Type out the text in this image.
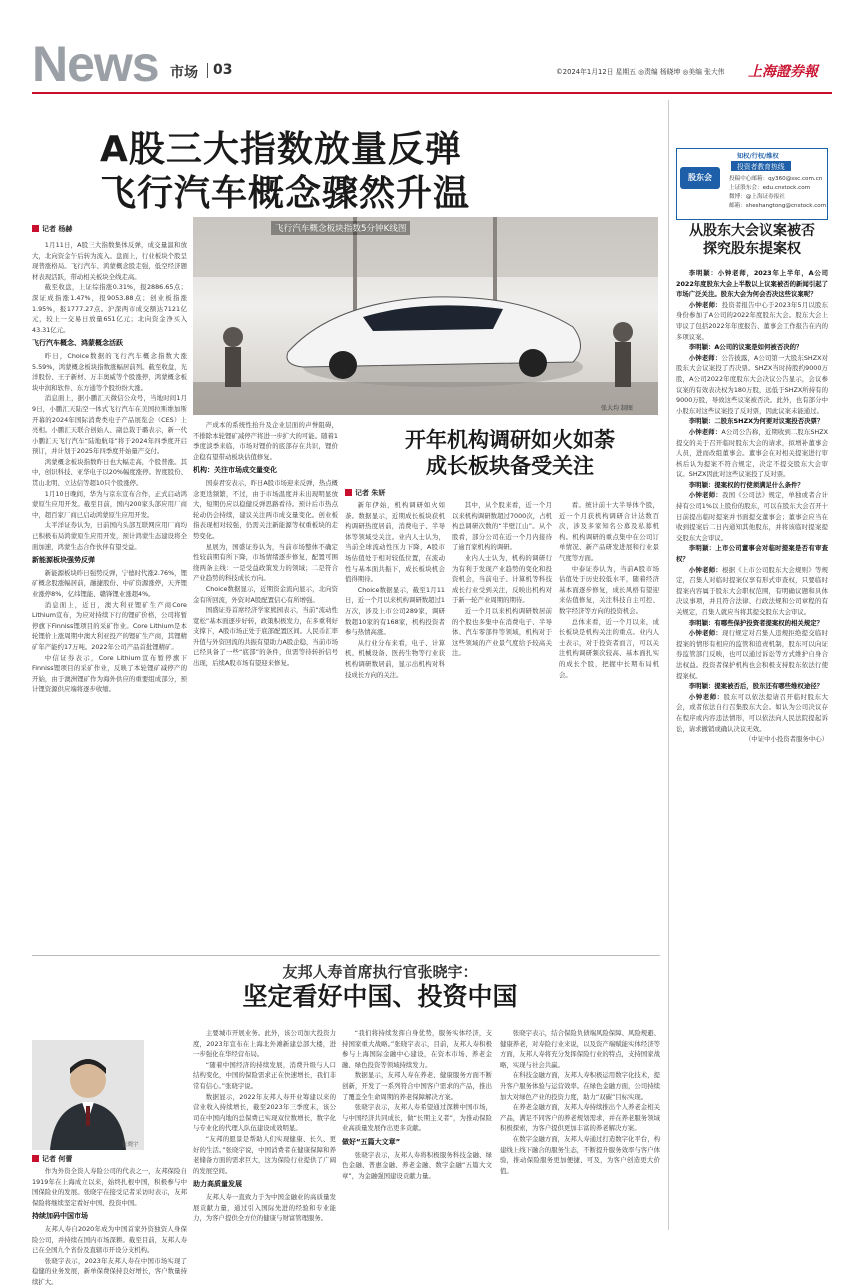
News 市场 03	©2024年1月12日 星期五 ◎责编 杨晓坤 ◎美编 张大伟 上海證券報
A股三大指数放量反弹
飞行汽车概念骤然升温
记者 杨赫

1月11日，A股三大指数集体反弹，成交量温和放大，北向资金午后转为流入。盘面上，行业板块个股呈现普涨格局。飞行汽车、鸿蒙概念股走强，低空经济题材表现活跃，带动相关板块全线走高。

截至收盘，上证综指涨0.31%，报2886.65点；深证成指涨1.47%，报9053.88点；创业板指涨1.95%，报1777.27点。沪深两市成交额达7121亿元，较上一交易日放量651亿元；北向资金净买入43.31亿元。

飞行汽车概念、鸿蒙概念活跃

昨日，Choice数据的飞行汽车概念指数大涨5.59%，鸿蒙概念板块指数涨幅居前列。截至收盘，光洋股份、王子新材、万丰奥威等个股涨停，鸿蒙概念板块中润和软件、东方通等个股纷纷大涨。

消息面上，据小鹏汇天微信公众号，当地时间1月9日，小鹏汇天陆空一体式飞行汽车在美国拉斯维加斯开幕的2024年国际消费类电子产品展览会（CES）上亮相。小鹏汇天联合创始人、副总裁于璐表示，新一代小鹏汇天飞行汽车“陆地航母”将于2024年四季度开启预订，并计划于2025年四季度开始量产交付。

鸿蒙概念板块指数昨日也大幅走高，个股普涨。其中，创识科技、亚华电子以20%幅度涨停。智度股份、贯山北明、立达信等超10只个股涨停。

1月10日晚间，华为与京东宣布合作，正式启动鸿蒙原生应用开发。截至目前，国内200家头部应用厂商中，超百家厂商已启动鸿蒙原生应用开发。

太平洋证券认为，日前国内头部互联网应用厂商均已积极布局鸿蒙原生应用开发，预计鸿蒙生态建设将全面加速，鸿蒙生态合作伙伴有望受益。

新能源板块强势反弹

新能源板块昨日强势反弹，宁德时代涨2.76%，锂矿概念股涨幅居前，融捷股份、中矿资源涨停，天齐锂业涨停8%，亿纬锂能、赣锋锂业涨超4%。

消息面上，近日，澳大利亚锂矿生产商Core Lithium宣布，为应对持续下行的锂矿价格，公司将暂停旗下Finniss锂项目的采矿作业。Core Lithium是本轮锂价上涨周期中澳大利亚投产的锂矿生产商，其锂精矿年产能约17万吨。2022年公司产品首批锂精矿。

中信证券表示，Core Lithium宣布暂停旗下Finniss锂项目的采矿作业，反映了本轮锂矿减停产的开始，由于澳洲锂矿作为海外供应的重要组成部分，预计锂资源供应端将逐步收缩。

飞行汽车概念板块指数5分钟K线图
张大均 制图

产成本的系统性抬升及企业层面的声誉阻碍，不排除本轮锂矿减停产将进一步扩大的可能。随着1季度淡季来临，市场对锂价的底部存在共识，锂价企稳有望带动板块估值修复。

机构：关注市场成交量变化

国泰君安表示，昨日A股市场迎来反弹，热点概念更迭频繁，不过，由于市场温度并未出现明显放大，短期仍应以稳健反弹思路看待。预计后市热点轮动仍会持续，建议关注两市成交量变化。创业板指表现相对较强，仍需关注新能源等权重板块的走势变化。

星展为，国盛证券认为，当前市场整体不确定性较前期有所下降，市场情绪逐步修复，配置可围绕两条主线：一是受益政策发力的领域；二是符合产业趋势的科技成长方向。

Choice数据显示，近期资金流向显示，北向资金有所回流，外资对A股配置信心有所增强。

国盛证券首席经济学家熊园表示，当前“流动性宽松”基本面逐步好转，政策积极发力，在多重利好支撑下，A股市场正处于底部配置区间。人民币汇率升值与外资回流的共振有望助力A股企稳，当前市场已经具备了一些“底部”的条件，但需等待转折信号出现，后续A股市场有望迎来修复。

开年机构调研如火如荼
成长板块备受关注
记者 朱妍

新年伊始，机构调研如火如荼。数据显示，近期成长板块获机构调研热度居前，消费电子、半导体等领域受关注。业内人士认为，当前全球流动性压力下降，A股市场估值处于相对较低位置，在流动性与基本面共振下，成长板块机会值得期待。

Choice数据显示，截至1月11日，近一个月以来机构调研数超过1万次，涉及上市公司289家，调研数超10家的有168家，机构投资者参与热情高涨。

从行业分布来看，电子、计算机、机械设备、医药生物等行业获机构调研数居前，显示出机构对科技成长方向的关注。

其中，从个股来看，近一个月以来机构调研数超过7000次，占机构总调研次数的“半壁江山”。从个股看，部分公司在近一个月内接待了逾百家机构的调研。

业内人士认为，机构的调研行为有利于发现产业趋势的变化和投资机会，当前电子、计算机等科技成长行业受到关注，反映出机构对于新一轮产业周期的期待。

近一个月以来机构调研数居前的个股也多集中在消费电子、半导体、汽车零部件等领域，机构对于这些领域的产业景气度给予较高关注。

看。统计前十大半导体个股，近一个月获机构调研合计达数百次，涉及多家知名公募及私募机构。机构调研的重点集中在公司订单情况、新产品研发进展和行业景气度等方面。

中泰证券认为，当前A股市场估值处于历史较低水平，随着经济基本面逐步修复，成长风格有望迎来估值修复，关注科技自主可控、数字经济等方向的投资机会。

总体来看，近一个月以来，成长板块是机构关注的重点。业内人士表示，对于投资者而言，可以关注机构调研频次较高、基本面扎实的成长个股，把握中长期布局机会。

知权/行权/维权
投资者教育热线
股东会	投稿中心邮箱：qy360@ssc.com.cn
上证股东会：edu.cnstock.com
微博：@上海证券报社
邮箱：sheshangtong@cnstock.com
从股东大会议案被否
探究股东提案权

李明颖：小钟老师，2023年上半年，A公司2022年度股东大会上半数以上议案被否的新闻引起了市场广泛关注。股东大会为何会否决这些议案呢？

小钟老师：投资者报告中心于2023年5月以股东身份参加了A公司的2022年度股东大会。股东大会上审议了包括2022年年度报告、董事会工作报告在内的多项议案。

李明颖：A公司的议案是如何被否决的？

小钟老师：公告披露，A公司第一大股东SHZX对股东大会议案投了否决票。SHZX当时持股约9000万股，A公司2022年度股东大会决议公告显示，会议参议案的有效表决权为180万股，远低于SHZX所持有的9000万股，导致这些议案被否决。此外，也有部分中小股东对这些议案投了反对票，因此议案未能通过。

李明颖：二股东SHZX为何要对议案投否决票？

小钟老师：A公司公告称，近期收到二股东SHZX提交的关于召开临时股东大会的请求，拟增补董事会人员，进而改组董事会。董事会在对相关提案进行审核后认为提案不符合规定，决定不提交股东大会审议。SHZX因此对这些议案投了反对票。

李明颖：提案权的行使须满足什么条件？

小钟老师：我国《公司法》规定，单独或者合计持有公司1%以上股份的股东，可以在股东大会召开十日前提出临时提案并书面提交董事会；董事会应当在收到提案后二日内通知其他股东，并将该临时提案提交股东大会审议。

李明颖：上市公司董事会对临时提案是否有审查权？

小钟老师：根据《上市公司股东大会规则》等规定，召集人对临时提案仅享有形式审查权，只要临时提案内容属于股东大会职权范围，有明确议题和具体决议事项，并且符合法律、行政法规和公司章程的有关规定，召集人就应当将其提交股东大会审议。

李明颖：有哪些保护投资者提案权的相关规定？

小钟老师：现行规定对召集人违规拒绝提交临时提案的情形有相应的监管和追责机制，股东可以向证券监管部门反映，也可以通过诉讼等方式维护自身合法权益。投资者保护机构也会积极支持股东依法行使提案权。

李明颖：提案被否后，股东还有哪些维权途径？

小钟老师：股东可以依法提请召开临时股东大会，或者依法自行召集股东大会。如认为公司决议存在程序或内容违法情形，可以依法向人民法院提起诉讼，请求撤销或确认决议无效。

（中证中小投资者服务中心）
友邦人寿首席执行官张晓宇：
坚定看好中国、投资中国
张晓宇
记者 何蕾

作为外资全资人寿险公司的代表之一，友邦保险自1919年在上海成立以来，始终扎根中国，积极参与中国保险业的发展。张晓宇在接受记者采访时表示，友邦保险将继续坚定看好中国、投资中国。

持续加码中国市场

友邦人寿自2020年成为中国首家外资独资人身保险公司，并持续在国内市场深耕。截至目前，友邦人寿已在全国九个省份及直辖市开设分支机构。

张晓宇表示，2023年友邦人寿在中国市场实现了稳健的业务发展，新单保费保持良好增长，客户数量持续扩大。

主要城市开展业务。此外，该公司加大投资力度，2023年宣布在上海北外滩新建总部大楼，进一步强化在华经营布局。

“随着中国经济的持续发展，消费升级与人口结构变化，中国的保险需求正在快速增长，我们非常有信心。”张晓宇说。

数据显示，2022年友邦人寿开业筹建以来的营业收入持续增长，截至2023年三季度末，该公司在中国内地的总保费已实现双位数增长，数字化与专业化的代理人队伍建设成效明显。

“友邦的愿景是帮助人们实现健康、长久、更好的生活。”张晓宇说，中国消费者在健康保障和养老储备方面的需求巨大，这为保险行业提供了广阔的发展空间。

助力高质量发展

友邦人寿一直致力于为中国金融业的高质量发展贡献力量，通过引入国际先进的经验和专业能力，为客户提供全方位的健康与财富管理服务。

“我们将持续发挥自身优势，服务实体经济，支持国家重大战略。”张晓宇表示，目前，友邦人寿积极参与上海国际金融中心建设，在资本市场、养老金融、绿色投资等领域持续发力。

数据显示，友邦人寿在养老、健康服务方面不断创新，开发了一系列符合中国客户需求的产品，推出了覆盖全生命周期的养老保障解决方案。

张晓宇表示，友邦人寿希望通过深耕中国市场，与中国经济共同成长，做“长期主义者”，为推动保险业高质量发展作出更多贡献。

做好“五篇大文章”

张晓宇表示，友邦人寿将积极服务科技金融、绿色金融、普惠金融、养老金融、数字金融“五篇大文章”，为金融强国建设贡献力量。

张晓宇表示，结合保险负债端风险保障、风险规避、健康养老，对寿险行业来说，以及资产端赋能实体经济等方面，友邦人寿将充分发挥保险行业的特点，支持国家战略，实现与社会共赢。

在科技金融方面，友邦人寿积极运用数字化技术，提升客户服务体验与运营效率。在绿色金融方面，公司持续加大对绿色产业的投资力度，助力“双碳”目标实现。

在养老金融方面，友邦人寿持续推出个人养老金相关产品，满足不同客户的养老规划需求，并在养老服务领域积极探索，为客户提供更加丰富的养老解决方案。

在数字金融方面，友邦人寿通过打造数字化平台，构建线上线下融合的服务生态，不断提升服务效率与客户体验，推动保险服务更加便捷、可及，为客户创造更大价值。
